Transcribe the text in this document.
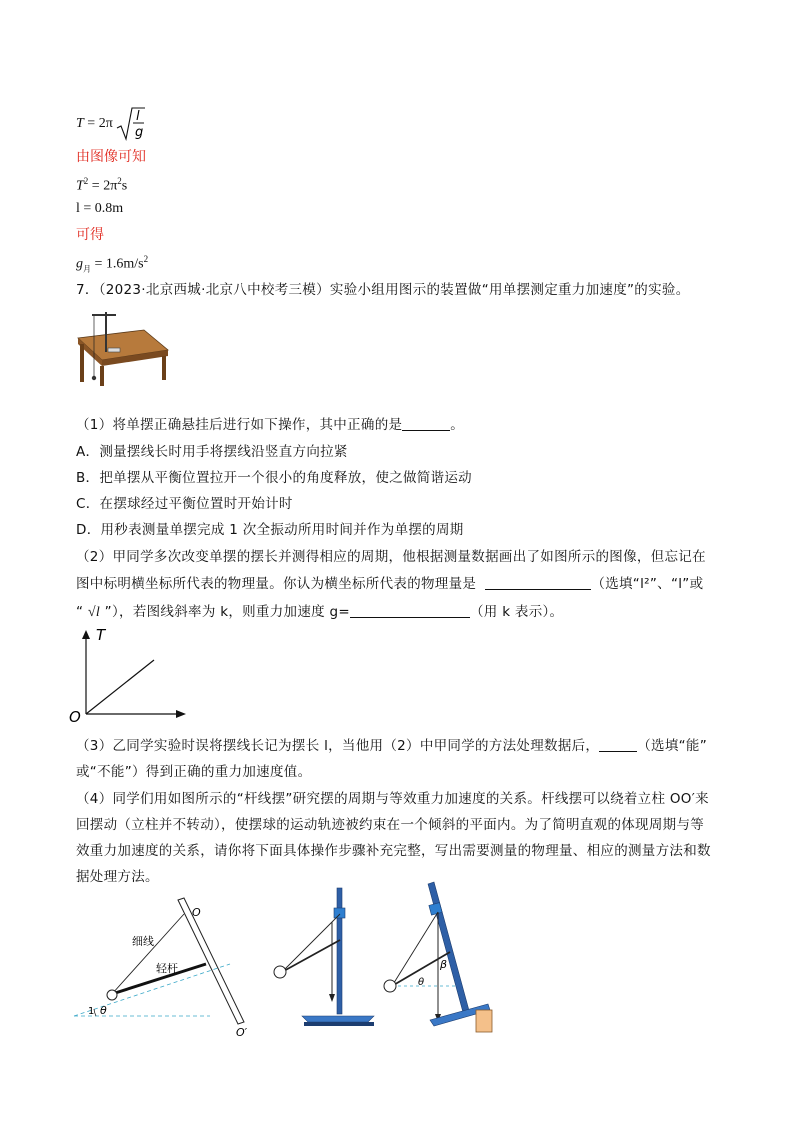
T = 2π l
g
由图像可知
$T^2 = 2\pi^2s$
l = 0.8m
可得
$g_月 = 1.6m/s^2$
7．（2023·北京西城·北京八中校考三模）实验小组用图示的装置做“用单摆测定重力加速度”的实验。
（1）将单摆正确悬挂后进行如下操作，其中正确的是	。
A．测量摆线长时用手将摆线沿竖直方向拉紧
B．把单摆从平衡位置拉开一个很小的角度释放，使之做简谐运动
C．在摆球经过平衡位置时开始计时
D．用秒表测量单摆完成 1 次全振动所用时间并作为单摆的周期
（2）甲同学多次改变单摆的摆长并测得相应的周期，他根据测量数据画出了如图所示的图像，但忘记在
图中标明横坐标所代表的物理量。你认为横坐标所代表的物理量是	（选填“l²”、“l”或
“ √l ”），若图线斜率为 k，则重力加速度 g=	（用 k 表示）。
T
O
（3）乙同学实验时误将摆线长记为摆长 l，当他用（2）中甲同学的方法处理数据后，	（选填“能”
或“不能”）得到正确的重力加速度值。
（4）同学们用如图所示的“杆线摆”研究摆的周期与等效重力加速度的关系。杆线摆可以绕着立柱 OO′来
回摆动（立柱并不转动），使摆球的运动轨迹被约束在一个倾斜的平面内。为了简明直观的体现周期与等
效重力加速度的关系，请你将下面具体操作步骤补充完整，写出需要测量的物理量、相应的测量方法和数
据处理方法。
O
细线
轻杆
O′
θ
1
β
θ
